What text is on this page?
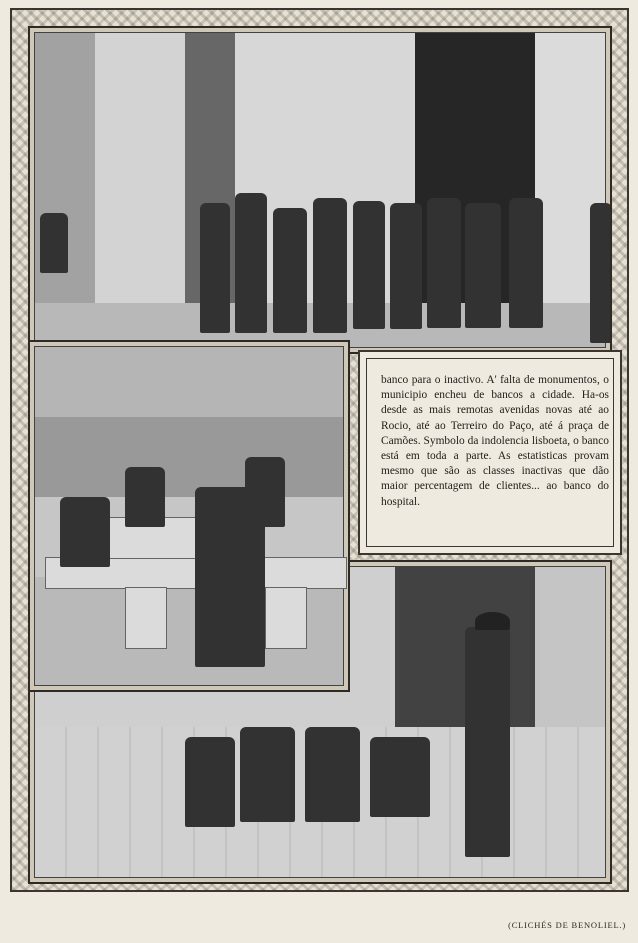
banco para o inactivo. A' falta de monumentos, o municipio encheu de bancos a cidade. Ha-os desde as mais remotas avenidas novas até ao Rocio, até ao Terreiro do Paço, até á praça de Camões. Symbolo da indolencia lisboeta, o banco está em toda a parte. As estatisticas provam mesmo que são as classes inactivas que dão maior percentagem de clientes... ao banco do hospital.

(CLICHÉS DE BENOLIEL.)
